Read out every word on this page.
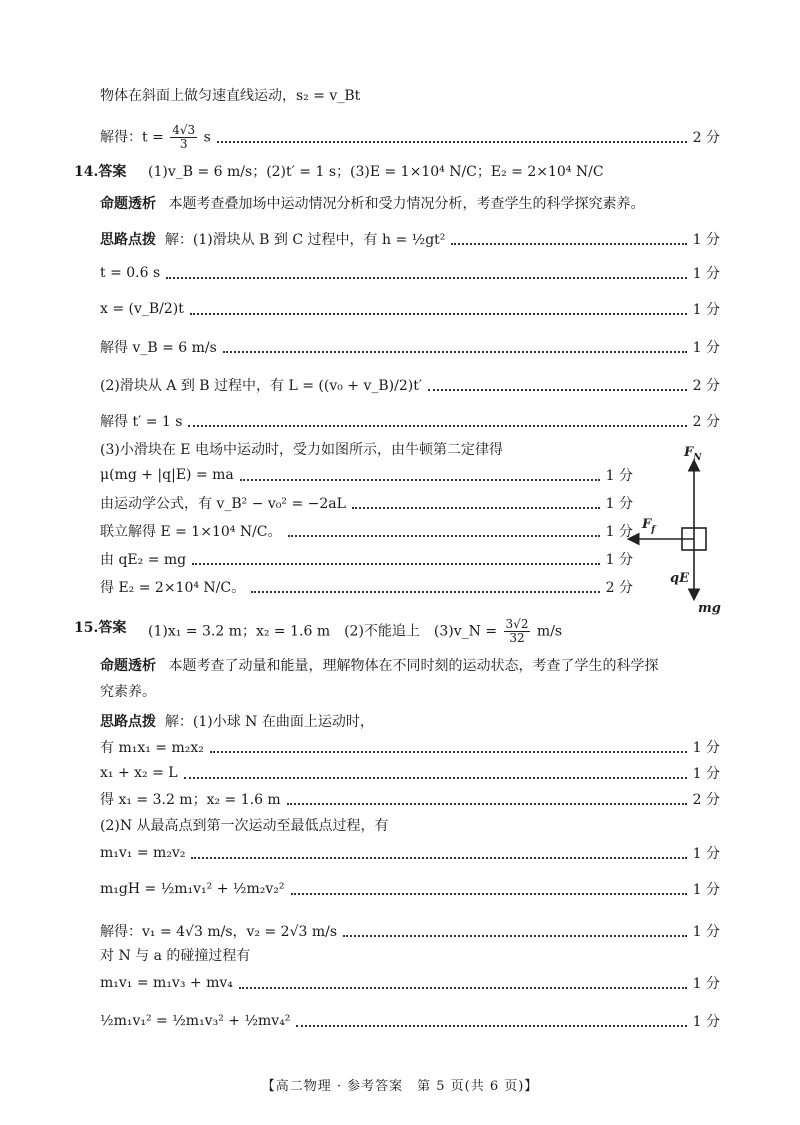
物体在斜面上做匀速直线运动，s₂ = v_Bt
解得：$t = \frac{4√3}{3}$ s	2 分
14.答案 (1)v_B = 6 m/s；(2)t′ = 1 s；(3)E = 1×10⁴ N/C；E₂ = 2×10⁴ N/C
命题透析 本题考查叠加场中运动情况分析和受力情况分析，考查学生的科学探究素养。
思路点拨 解：(1)滑块从 B 到 C 过程中，有 h = ½gt²	1 分
t = 0.6 s	1 分
x = (v_B/2)t	1 分
解得 v_B = 6 m/s	1 分
(2)滑块从 A 到 B 过程中，有 L = ((v₀ + v_B)/2)t′	2 分
解得 t′ = 1 s	2 分
(3)小滑块在 E 电场中运动时，受力如图所示，由牛顿第二定律得
μ(mg + |q|E) = ma	1 分
由运动学公式，有 v_B² − v₀² = −2aL	1 分
联立解得 E = 1×10⁴ N/C。	1 分
由 qE₂ = mg	1 分
得 E₂ = 2×10⁴ N/C。	2 分
$F_N$
$F_f$
qE
mg
15.答案 (1)x₁ = 3.2 m；x₂ = 1.6 m　(2)不能追上　(3)v_N = $\frac{3√2}{32} m/s$
命题透析 本题考查了动量和能量，理解物体在不同时刻的运动状态，考查了学生的科学探
究素养。
思路点拨 解：(1)小球 N 在曲面上运动时，
有 m₁x₁ = m₂x₂	1 分
x₁ + x₂ = L	1 分
得 x₁ = 3.2 m；x₂ = 1.6 m	2 分
(2)N 从最高点到第一次运动至最低点过程，有
m₁v₁ = m₂v₂	1 分
m₁gH = ½m₁v₁² + ½m₂v₂²	1 分
解得：v₁ = 4√3 m/s，v₂ = 2√3 m/s	1 分
对 N 与 a 的碰撞过程有
m₁v₁ = m₁v₃ + mv₄	1 分
½m₁v₁² = ½m₁v₃² + ½mv₄²	1 分
【高二物理 · 参考答案　第 5 页(共 6 页)】
